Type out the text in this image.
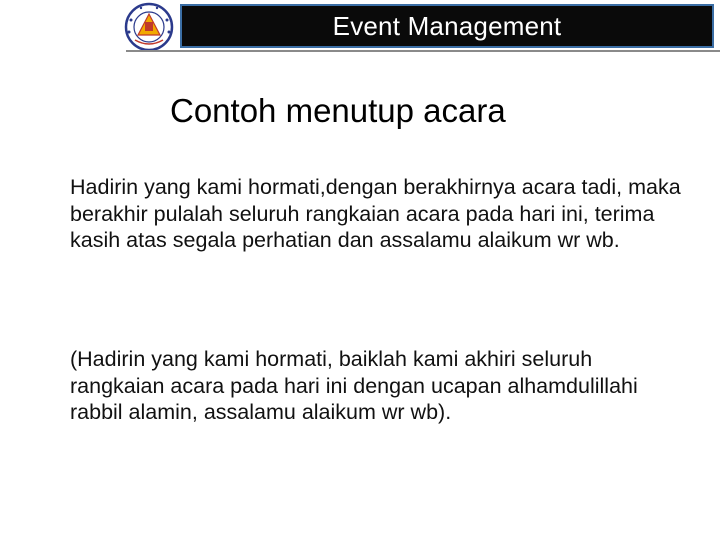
Event Management
Contoh menutup acara

Hadirin yang kami hormati,dengan berakhirnya acara tadi, maka berakhir pulalah seluruh rangkaian acara pada hari ini, terima kasih atas segala perhatian dan assalamu alaikum wr wb.

(Hadirin yang kami hormati, baiklah kami akhiri seluruh rangkaian acara pada hari ini dengan ucapan alhamdulillahi rabbil alamin, assalamu alaikum wr wb).
